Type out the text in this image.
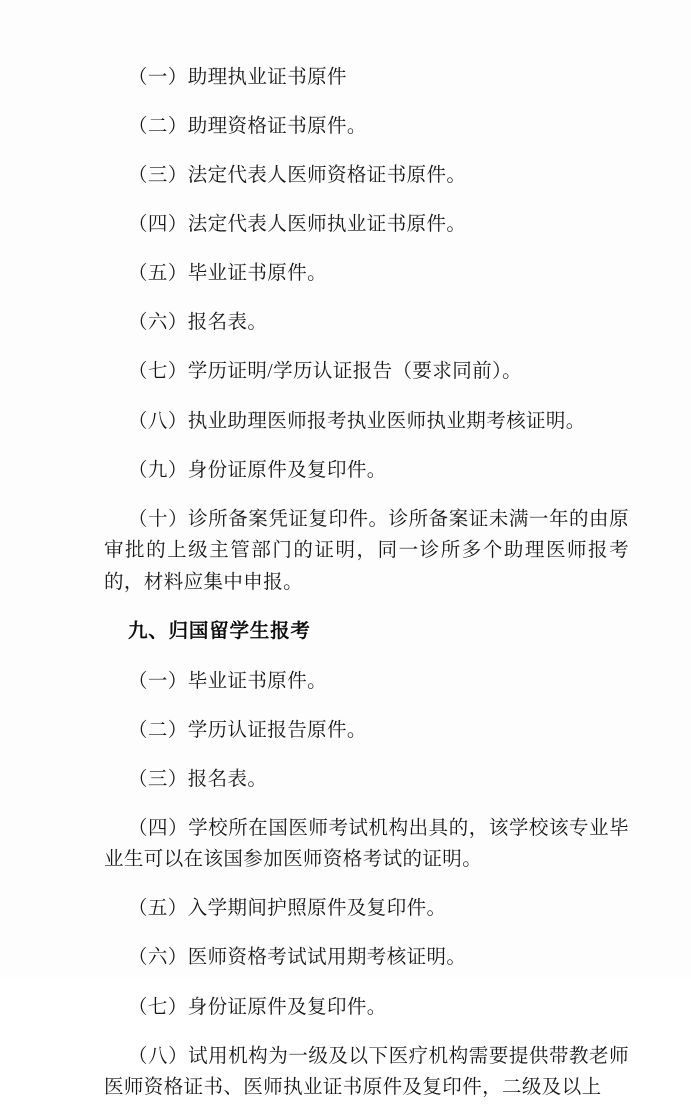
（一）助理执业证书原件

（二）助理资格证书原件。

（三）法定代表人医师资格证书原件。

（四）法定代表人医师执业证书原件。

（五）毕业证书原件。

（六）报名表。

（七）学历证明/学历认证报告（要求同前）。

（八）执业助理医师报考执业医师执业期考核证明。

（九）身份证原件及复印件。

（十）诊所备案凭证复印件。诊所备案证未满一年的由原审批的上级主管部门的证明，同一诊所多个助理医师报考的，材料应集中申报。

九、归国留学生报考

（一）毕业证书原件。

（二）学历认证报告原件。

（三）报名表。

（四）学校所在国医师考试机构出具的，该学校该专业毕业生可以在该国参加医师资格考试的证明。

（五）入学期间护照原件及复印件。

（六）医师资格考试试用期考核证明。

（七）身份证原件及复印件。

（八）试用机构为一级及以下医疗机构需要提供带教老师医师资格证书、医师执业证书原件及复印件，二级及以上
